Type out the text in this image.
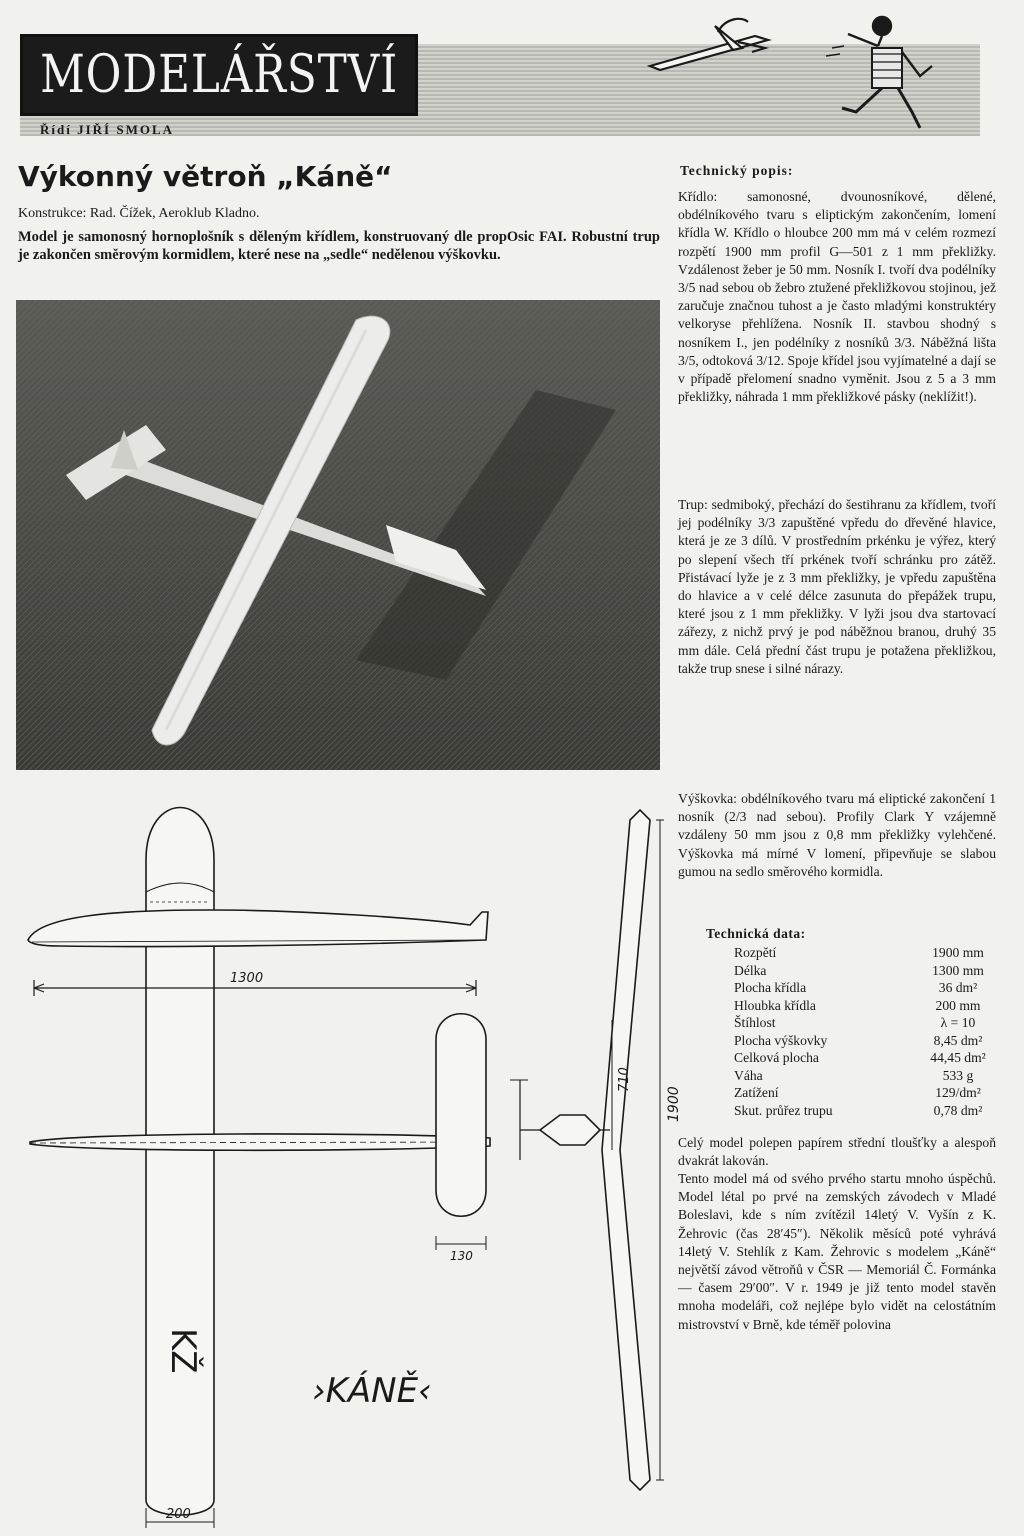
MODELÁŘSTVÍ
Řídí JIŘÍ SMOLA
Výkonný větroň „Káně“
Konstrukce: Rad. Čížek, Aeroklub Kladno.
Model je samonosný hornoplošník s děleným křídlem, konstruovaný dle propOsic FAI. Robustní trup je zakončen směrovým kormidlem, které nese na „sedle“ nedělenou výškovku.
Technický popis:
Křídlo: samonosné, dvounosníkové, dělené, obdélníkového tvaru s eliptickým zakončením, lomení křídla W. Křídlo o hloubce 200 mm má v celém rozmezí rozpětí 1900 mm profil G—501 z 1 mm překližky. Vzdálenost žeber je 50 mm. Nosník I. tvoří dva podélníky 3/5 nad sebou ob žebro ztužené překližkovou stojinou, jež zaručuje značnou tuhost a je často mladými konstruktéry velkoryse přehlížena. Nosník II. stavbou shodný s nosníkem I., jen podélníky z nosníků 3/3. Náběžná lišta 3/5, odtoková 3/12. Spoje křídel jsou vyjímatelné a dají se v případě přelomení snadno vyměnit. Jsou z 5 a 3 mm překližky, náhrada 1 mm překližkové pásky (neklížit!).
Trup: sedmiboký, přechází do šestihranu za křídlem, tvoří jej podélníky 3/3 zapuštěné vpředu do dřevěné hlavice, která je ze 3 dílů. V prostředním prkénku je výřez, který po slepení všech tří prkének tvoří schránku pro zátěž. Přistávací lyže je z 3 mm překližky, je vpředu zapuštěna do hlavice a v celé délce zasunuta do přepážek trupu, které jsou z 1 mm překližky. V lyži jsou dva startovací zářezy, z nichž prvý je pod náběžnou branou, druhý 35 mm dále. Celá přední část trupu je potažena překližkou, takže trup snese i silné nárazy.
Výškovka: obdélníkového tvaru má eliptické zakončení 1 nosník (2/3 nad sebou). Profily Clark Y vzájemně vzdáleny 50 mm jsou z 0,8 mm překližky vylehčené. Výškovka má mírné V lomení, připevňuje se slabou gumou na sedlo směrového kormidla.
Technická data:
Rozpětí	1900 mm
Délka	1300 mm
Plocha křídla	36 dm²
Hloubka křídla	200 mm
Štíhlost	λ = 10
Plocha výškovky	8,45 dm²
Celková plocha	44,45 dm²
Váha	533 g
Zatížení	129/dm²
Skut. průřez trupu	0,78 dm²
Celý model polepen papírem střední tloušťky a alespoň dvakrát lakován.
Tento model má od svého prvého startu mnoho úspěchů. Model létal po prvé na zemských závodech v Mladé Boleslavi, kde s ním zvítězil 14letý V. Vyšín z K. Žehrovic (čas 28′45″). Několik měsíců poté vyhrává 14letý V. Stehlík z Kam. Žehrovic s modelem „Káně“ největší závod větroňů v ČSR — Memoriál Č. Formánka — časem 29′00″. V r. 1949 je již tento model stavěn mnoha modeláři, což nejlépe bylo vidět na celostátním mistrovství v Brně, kde téměř polovina
1300
130
200
KŽ
›KÁNĚ‹
710
1900
